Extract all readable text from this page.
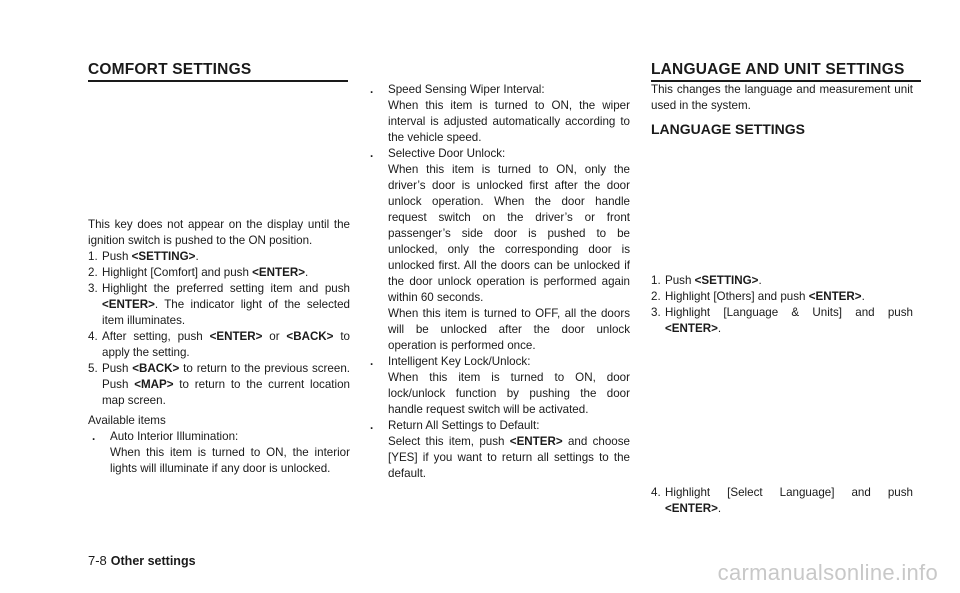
COMFORT SETTINGS

This key does not appear on the display until the ignition switch is pushed to the ON position.

1. Push <SETTING>.

2. Highlight [Comfort] and push <ENTER>.

3. Highlight the preferred setting item and push <ENTER>. The indicator light of the selected item illuminates.

4. After setting, push <ENTER> or <BACK> to apply the setting.

5. Push <BACK> to return to the previous screen. Push <MAP> to return to the current location map screen.

Available items

. Auto Interior Illumination:

When this item is turned to ON, the interior lights will illuminate if any door is unlocked.

. Speed Sensing Wiper Interval:

When this item is turned to ON, the wiper interval is adjusted automatically according to the vehicle speed.

. Selective Door Unlock:

When this item is turned to ON, only the driver’s door is unlocked first after the door unlock operation. When the door handle request switch on the driver’s or front passenger’s side door is pushed to be unlocked, only the corresponding door is unlocked first. All the doors can be unlocked if the door unlock operation is performed again within 60 seconds.

When this item is turned to OFF, all the doors will be unlocked after the door unlock operation is performed once.

. Intelligent Key Lock/Unlock:

When this item is turned to ON, door lock/unlock function by pushing the door handle request switch will be activated.

. Return All Settings to Default:

Select this item, push <ENTER> and choose [YES] if you want to return all settings to the default.

LANGUAGE AND UNIT SETTINGS

This changes the language and measurement unit used in the system.

LANGUAGE SETTINGS

1. Push <SETTING>.

2. Highlight [Others] and push <ENTER>.

3. Highlight [Language & Units] and push <ENTER>.

4. Highlight [Select Language] and push <ENTER>.

7-8 Other settings	carmanualsonline.info
